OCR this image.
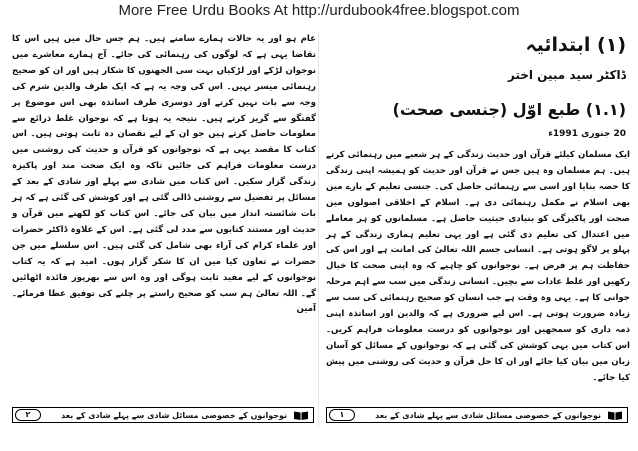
More Free Urdu Books At http://urdubook4free.blogspot.com

عام ہو اور یہ حالات ہمارے سامنے ہیں۔ ہم جس حال میں ہیں اس کا تقاضا یہی ہے کہ لوگوں کی رہنمائی کی جائے۔ آج ہمارے معاشرے میں نوجوان لڑکے اور لڑکیاں بہت سی الجھنوں کا شکار ہیں اور ان کو صحیح رہنمائی میسر نہیں۔ اس کی وجہ یہ ہے کہ ایک طرف والدین شرم کی وجہ سے بات نہیں کرتے اور دوسری طرف اساتذہ بھی اس موضوع پر گفتگو سے گریز کرتے ہیں۔ نتیجہ یہ ہوتا ہے کہ نوجوان غلط ذرائع سے معلومات حاصل کرتے ہیں جو ان کے لیے نقصان دہ ثابت ہوتی ہیں۔ اس کتاب کا مقصد یہی ہے کہ نوجوانوں کو قرآن و حدیث کی روشنی میں درست معلومات فراہم کی جائیں تاکہ وہ ایک صحت مند اور پاکیزہ زندگی گزار سکیں۔ اس کتاب میں شادی سے پہلے اور شادی کے بعد کے مسائل پر تفصیل سے روشنی ڈالی گئی ہے اور کوشش کی گئی ہے کہ ہر بات شائستہ انداز میں بیان کی جائے۔ اس کتاب کو لکھنے میں قرآن و حدیث اور مستند کتابوں سے مدد لی گئی ہے۔ اس کے علاوہ ڈاکٹر حضرات اور علماء کرام کی آراء بھی شامل کی گئی ہیں۔ اس سلسلے میں جن حضرات نے تعاون کیا میں ان کا شکر گزار ہوں۔ امید ہے کہ یہ کتاب نوجوانوں کے لیے مفید ثابت ہوگی اور وہ اس سے بھرپور فائدہ اٹھائیں گے۔ اللہ تعالیٰ ہم سب کو صحیح راستے پر چلنے کی توفیق عطا فرمائے۔ آمین

نوجوانوں کے خصوصی مسائل شادی سے پہلے شادی کے بعد
۲
(۱) ابتدائیہ
ڈاکٹر سید مبین اختر
(۱.۱) طبع اوّل (جنسی صحت)
20 جنوری 1991ء

ایک مسلمان کیلئے قرآن اور حدیث زندگی کے ہر شعبے میں رہنمائی کرتے ہیں۔ ہم مسلمان وہ ہیں جس نے قرآن اور حدیث کو ہمیشہ اپنی زندگی کا حصہ بنایا اور اسی سے رہنمائی حاصل کی۔ جنسی تعلیم کے بارے میں بھی اسلام نے مکمل رہنمائی دی ہے۔ اسلام کے اخلاقی اصولوں میں صحت اور پاکیزگی کو بنیادی حیثیت حاصل ہے۔ مسلمانوں کو ہر معاملے میں اعتدال کی تعلیم دی گئی ہے اور یہی تعلیم ہماری زندگی کے ہر پہلو پر لاگو ہوتی ہے۔ انسانی جسم اللہ تعالیٰ کی امانت ہے اور اس کی حفاظت ہم پر فرض ہے۔ نوجوانوں کو چاہیے کہ وہ اپنی صحت کا خیال رکھیں اور غلط عادات سے بچیں۔ انسانی زندگی میں سب سے اہم مرحلہ جوانی کا ہے۔ یہی وہ وقت ہے جب انسان کو صحیح رہنمائی کی سب سے زیادہ ضرورت ہوتی ہے۔ اس لیے ضروری ہے کہ والدین اور اساتذہ اپنی ذمہ داری کو سمجھیں اور نوجوانوں کو درست معلومات فراہم کریں۔ اس کتاب میں یہی کوشش کی گئی ہے کہ نوجوانوں کے مسائل کو آسان زبان میں بیان کیا جائے اور ان کا حل قرآن و حدیث کی روشنی میں پیش کیا جائے۔

نوجوانوں کے خصوصی مسائل شادی سے پہلے شادی کے بعد
۱
